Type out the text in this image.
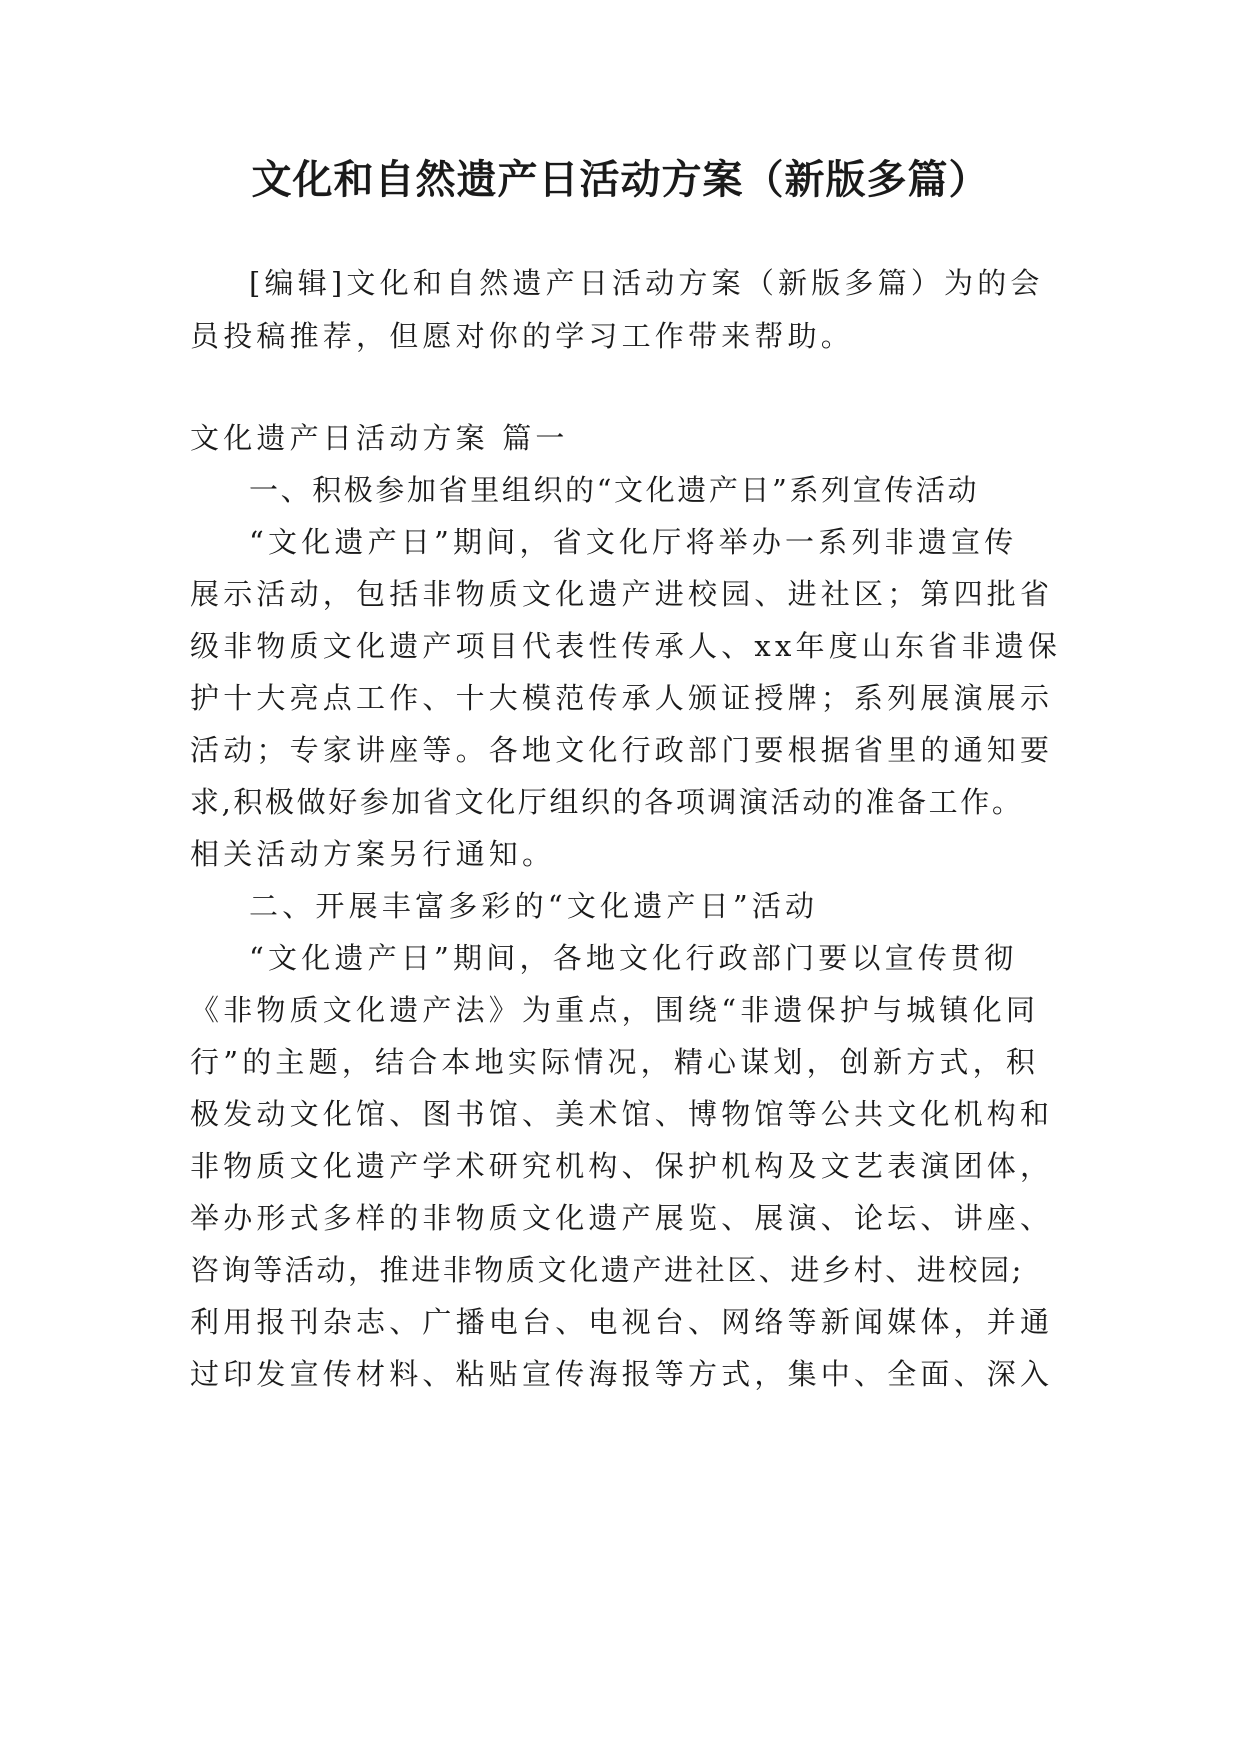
文化和自然遗产日活动方案（新版多篇）
[编辑]文化和自然遗产日活动方案（新版多篇）为的会
员投稿推荐，但愿对你的学习工作带来帮助。
文化遗产日活动方案 篇一
一、积极参加省里组织的“文化遗产日”系列宣传活动
“文化遗产日”期间，省文化厅将举办一系列非遗宣传
展示活动，包括非物质文化遗产进校园、进社区；第四批省
级非物质文化遗产项目代表性传承人、xx年度山东省非遗保
护十大亮点工作、十大模范传承人颁证授牌；系列展演展示
活动；专家讲座等。各地文化行政部门要根据省里的通知要
求,积极做好参加省文化厅组织的各项调演活动的准备工作。
相关活动方案另行通知。
二、开展丰富多彩的“文化遗产日”活动
“文化遗产日”期间，各地文化行政部门要以宣传贯彻
《非物质文化遗产法》为重点，围绕“非遗保护与城镇化同
行”的主题，结合本地实际情况，精心谋划，创新方式，积
极发动文化馆、图书馆、美术馆、博物馆等公共文化机构和
非物质文化遗产学术研究机构、保护机构及文艺表演团体，
举办形式多样的非物质文化遗产展览、展演、论坛、讲座、
咨询等活动，推进非物质文化遗产进社区、进乡村、进校园;
利用报刊杂志、广播电台、电视台、网络等新闻媒体，并通
过印发宣传材料、粘贴宣传海报等方式，集中、全面、深入
